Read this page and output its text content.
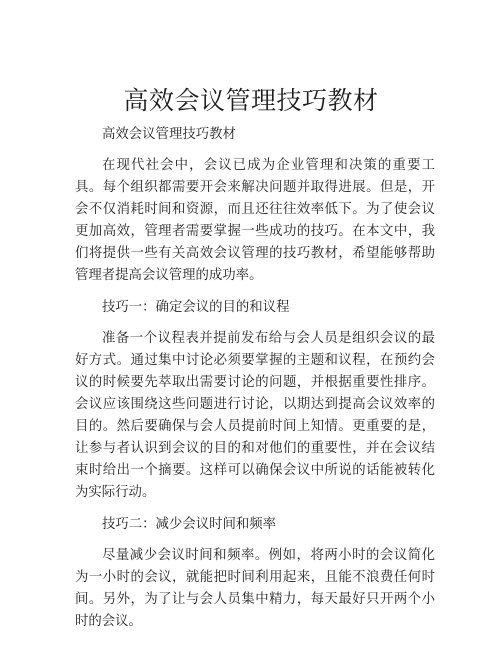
高效会议管理技巧教材

高效会议管理技巧教材

在现代社会中，会议已成为企业管理和决策的重要工具。每个组织都需要开会来解决问题并取得进展。但是，开会不仅消耗时间和资源，而且还往往效率低下。为了使会议更加高效，管理者需要掌握一些成功的技巧。在本文中，我们将提供一些有关高效会议管理的技巧教材，希望能够帮助管理者提高会议管理的成功率。

技巧一：确定会议的目的和议程

准备一个议程表并提前发布给与会人员是组织会议的最好方式。通过集中讨论必须要掌握的主题和议程，在预约会议的时候要先萃取出需要讨论的问题，并根据重要性排序。会议应该围绕这些问题进行讨论，以期达到提高会议效率的目的。然后要确保与会人员提前时间上知情。更重要的是，让参与者认识到会议的目的和对他们的重要性，并在会议结束时给出一个摘要。这样可以确保会议中所说的话能被转化为实际行动。

技巧二：减少会议时间和频率

尽量减少会议时间和频率。例如，将两小时的会议简化为一小时的会议，就能把时间利用起来，且能不浪费任何时间。另外，为了让与会人员集中精力，每天最好只开两个小时的会议。
